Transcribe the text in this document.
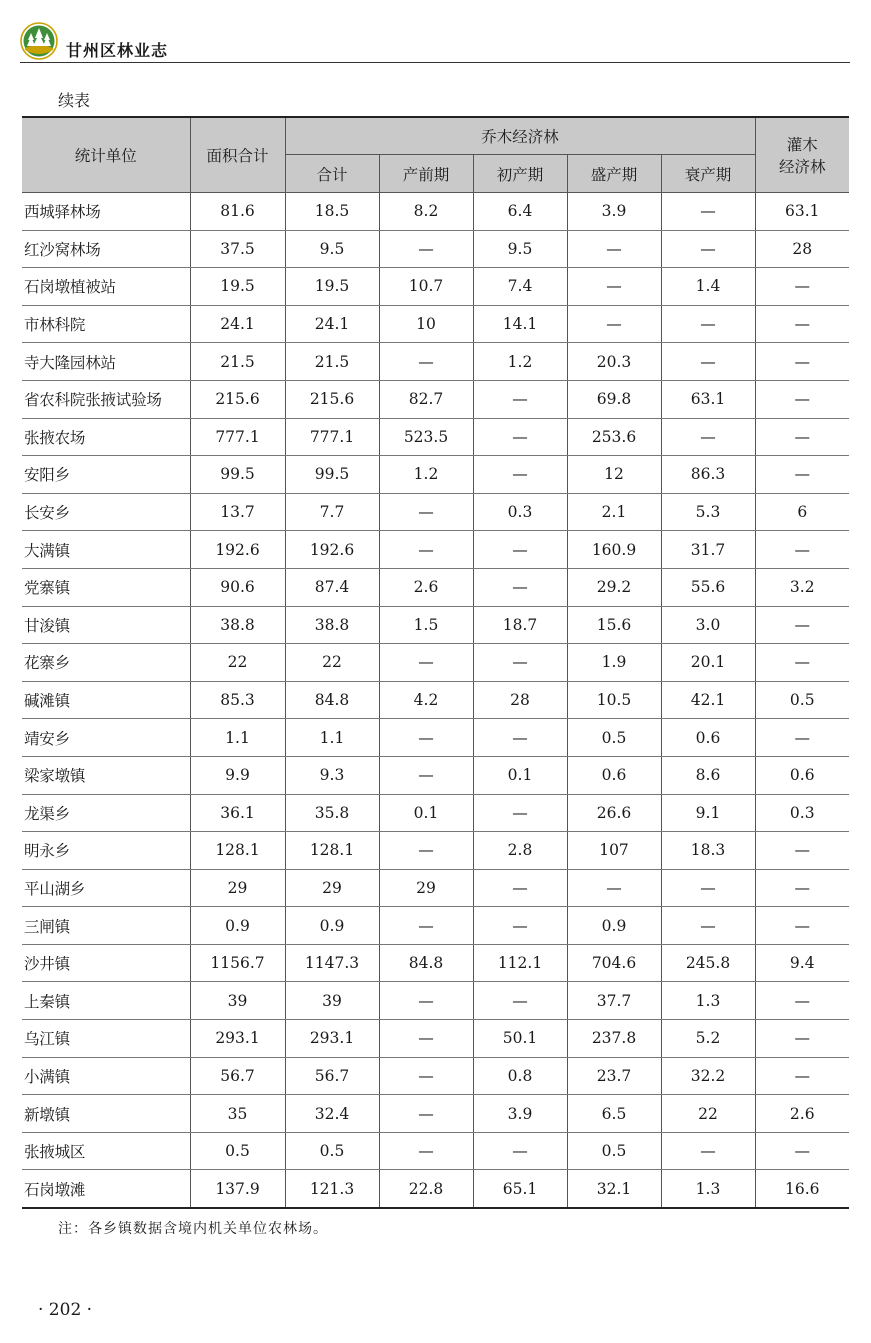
甘州区林业志
续表
统计单位	面积合计	乔木经济林					灌木
经济林

		合计	产前期	初产期	盛产期	衰产期	
西城驿林场	81.6	18.5	8.2	6.4	3.9	—	63.1
红沙窝林场	37.5	9.5	—	9.5	—	—	28
石岗墩植被站	19.5	19.5	10.7	7.4	—	1.4	—
市林科院	24.1	24.1	10	14.1	—	—	—
寺大隆园林站	21.5	21.5	—	1.2	20.3	—	—
省农科院张掖试验场	215.6	215.6	82.7	—	69.8	63.1	—
张掖农场	777.1	777.1	523.5	—	253.6	—	—
安阳乡	99.5	99.5	1.2	—	12	86.3	—
长安乡	13.7	7.7	—	0.3	2.1	5.3	6
大满镇	192.6	192.6	—	—	160.9	31.7	—
党寨镇	90.6	87.4	2.6	—	29.2	55.6	3.2
甘浚镇	38.8	38.8	1.5	18.7	15.6	3.0	—
花寨乡	22	22	—	—	1.9	20.1	—
碱滩镇	85.3	84.8	4.2	28	10.5	42.1	0.5
靖安乡	1.1	1.1	—	—	0.5	0.6	—
梁家墩镇	9.9	9.3	—	0.1	0.6	8.6	0.6
龙渠乡	36.1	35.8	0.1	—	26.6	9.1	0.3
明永乡	128.1	128.1	—	2.8	107	18.3	—
平山湖乡	29	29	29	—	—	—	—
三闸镇	0.9	0.9	—	—	0.9	—	—
沙井镇	1156.7	1147.3	84.8	112.1	704.6	245.8	9.4
上秦镇	39	39	—	—	37.7	1.3	—
乌江镇	293.1	293.1	—	50.1	237.8	5.2	—
小满镇	56.7	56.7	—	0.8	23.7	32.2	—
新墩镇	35	32.4	—	3.9	6.5	22	2.6
张掖城区	0.5	0.5	—	—	0.5	—	—
石岗墩滩	137.9	121.3	22.8	65.1	32.1	1.3	16.6
注：各乡镇数据含境内机关单位农林场。
· 202 ·
